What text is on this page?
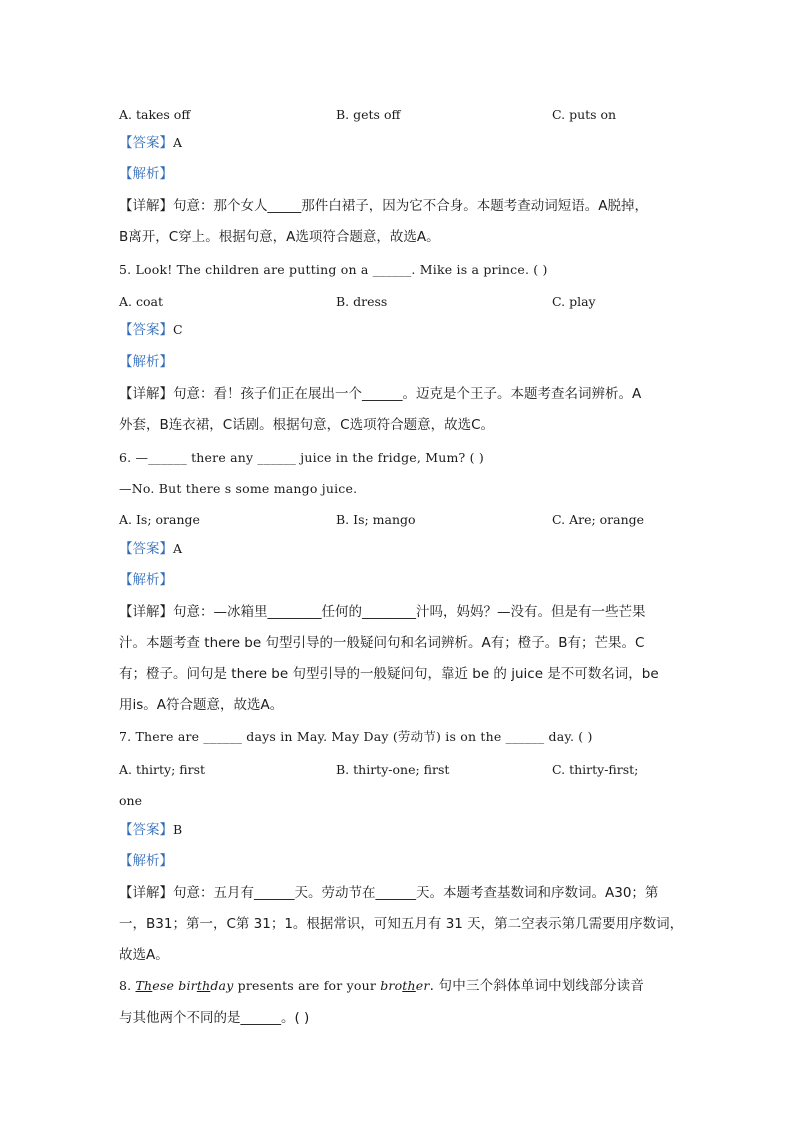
A. takes off	B. gets off	C. puts on
【答案】A
【解析】
【详解】句意：那个女人_____那件白裙子，因为它不合身。本题考查动词短语。A脱掉，
B离开，C穿上。根据句意，A选项符合题意，故选A。
5. Look! The children are putting on a ______. Mike is a prince. ( )
A. coat	B. dress	C. play
【答案】C
【解析】
【详解】句意：看！孩子们正在展出一个______。迈克是个王子。本题考查名词辨析。A
外套，B连衣裙，C话剧。根据句意，C选项符合题意，故选C。
6. —______ there any ______ juice in the fridge, Mum? ( )
—No. But there s some mango juice.
A. Is; orange	B. Is; mango	C. Are; orange
【答案】A
【解析】
【详解】句意：—冰箱里________任何的________汁吗，妈妈？—没有。但是有一些芒果
汁。本题考查 there be 句型引导的一般疑问句和名词辨析。A有；橙子。B有；芒果。C
有；橙子。问句是 there be 句型引导的一般疑问句，靠近 be 的 juice 是不可数名词，be
用is。A符合题意，故选A。
7. There are ______ days in May. May Day (劳动节) is on the ______ day. ( )
A. thirty; first	B. thirty-one; first	C. thirty-first;
one
【答案】B
【解析】
【详解】句意：五月有______天。劳动节在______天。本题考查基数词和序数词。A30；第
一，B31；第一，C第 31；1。根据常识，可知五月有 31 天，第二空表示第几需要用序数词，
故选A。
8. These birthday presents are for your brother. 句中三个斜体单词中划线部分读音
与其他两个不同的是______。( )
